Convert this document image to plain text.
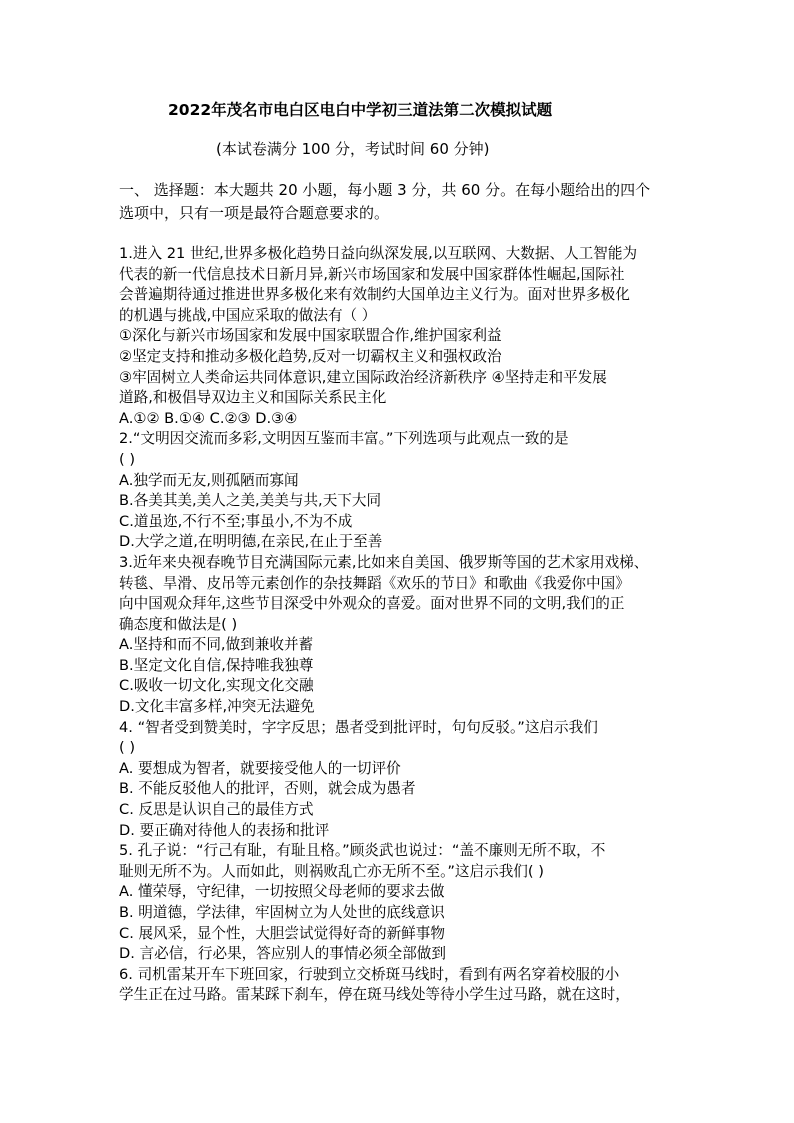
2022年茂名市电白区电白中学初三道法第二次模拟试题
(本试卷满分 100 分，考试时间 60 分钟)
一、 选择题：本大题共 20 小题，每小题 3 分，共 60 分。在每小题给出的四个
选项中，只有一项是最符合题意要求的。
1.进入 21 世纪,世界多极化趋势日益向纵深发展,以互联网、大数据、人工智能为
代表的新一代信息技术日新月异,新兴市场国家和发展中国家群体性崛起,国际社
会普遍期待通过推进世界多极化来有效制约大国单边主义行为。面对世界多极化
的机遇与挑战,中国应采取的做法有（ ）
①深化与新兴市场国家和发展中国家联盟合作,维护国家利益
②坚定支持和推动多极化趋势,反对一切霸权主义和强权政治
③牢固树立人类命运共同体意识,建立国际政治经济新秩序 ④坚持走和平发展
道路,和极倡导双边主义和国际关系民主化
A.①② B.①④ C.②③ D.③④
2.“文明因交流而多彩,文明因互鉴而丰富。”下列选项与此观点一致的是
( )
A.独学而无友,则孤陋而寡闻
B.各美其美,美人之美,美美与共,天下大同
C.道虽迩,不行不至;事虽小,不为不成
D.大学之道,在明明德,在亲民,在止于至善
3.近年来央视春晚节目充满国际元素,比如来自美国、俄罗斯等国的艺术家用戏梯、
转毯、旱滑、皮吊等元素创作的杂技舞蹈《欢乐的节日》和歌曲《我爱你中国》
向中国观众拜年,这些节目深受中外观众的喜爱。面对世界不同的文明,我们的正
确态度和做法是( )
A.坚持和而不同,做到兼收并蓄
B.坚定文化自信,保持唯我独尊
C.吸收一切文化,实现文化交融
D.文化丰富多样,冲突无法避免
4. “智者受到赞美时，字字反思；愚者受到批评时，句句反驳。”这启示我们
( )
A. 要想成为智者，就要接受他人的一切评价
B. 不能反驳他人的批评，否则，就会成为愚者
C. 反思是认识自己的最佳方式
D. 要正确对待他人的表扬和批评
5. 孔子说：“行己有耻，有耻且格。”顾炎武也说过：“盖不廉则无所不取，不
耻则无所不为。人而如此，则祸败乱亡亦无所不至。”这启示我们( )
A. 懂荣辱，守纪律，一切按照父母老师的要求去做
B. 明道德，学法律，牢固树立为人处世的底线意识
C. 展风采，显个性，大胆尝试觉得好奇的新鲜事物
D. 言必信，行必果，答应别人的事情必须全部做到
6. 司机雷某开车下班回家，行驶到立交桥斑马线时，看到有两名穿着校服的小
学生正在过马路。雷某踩下刹车，停在斑马线处等待小学生过马路，就在这时，
